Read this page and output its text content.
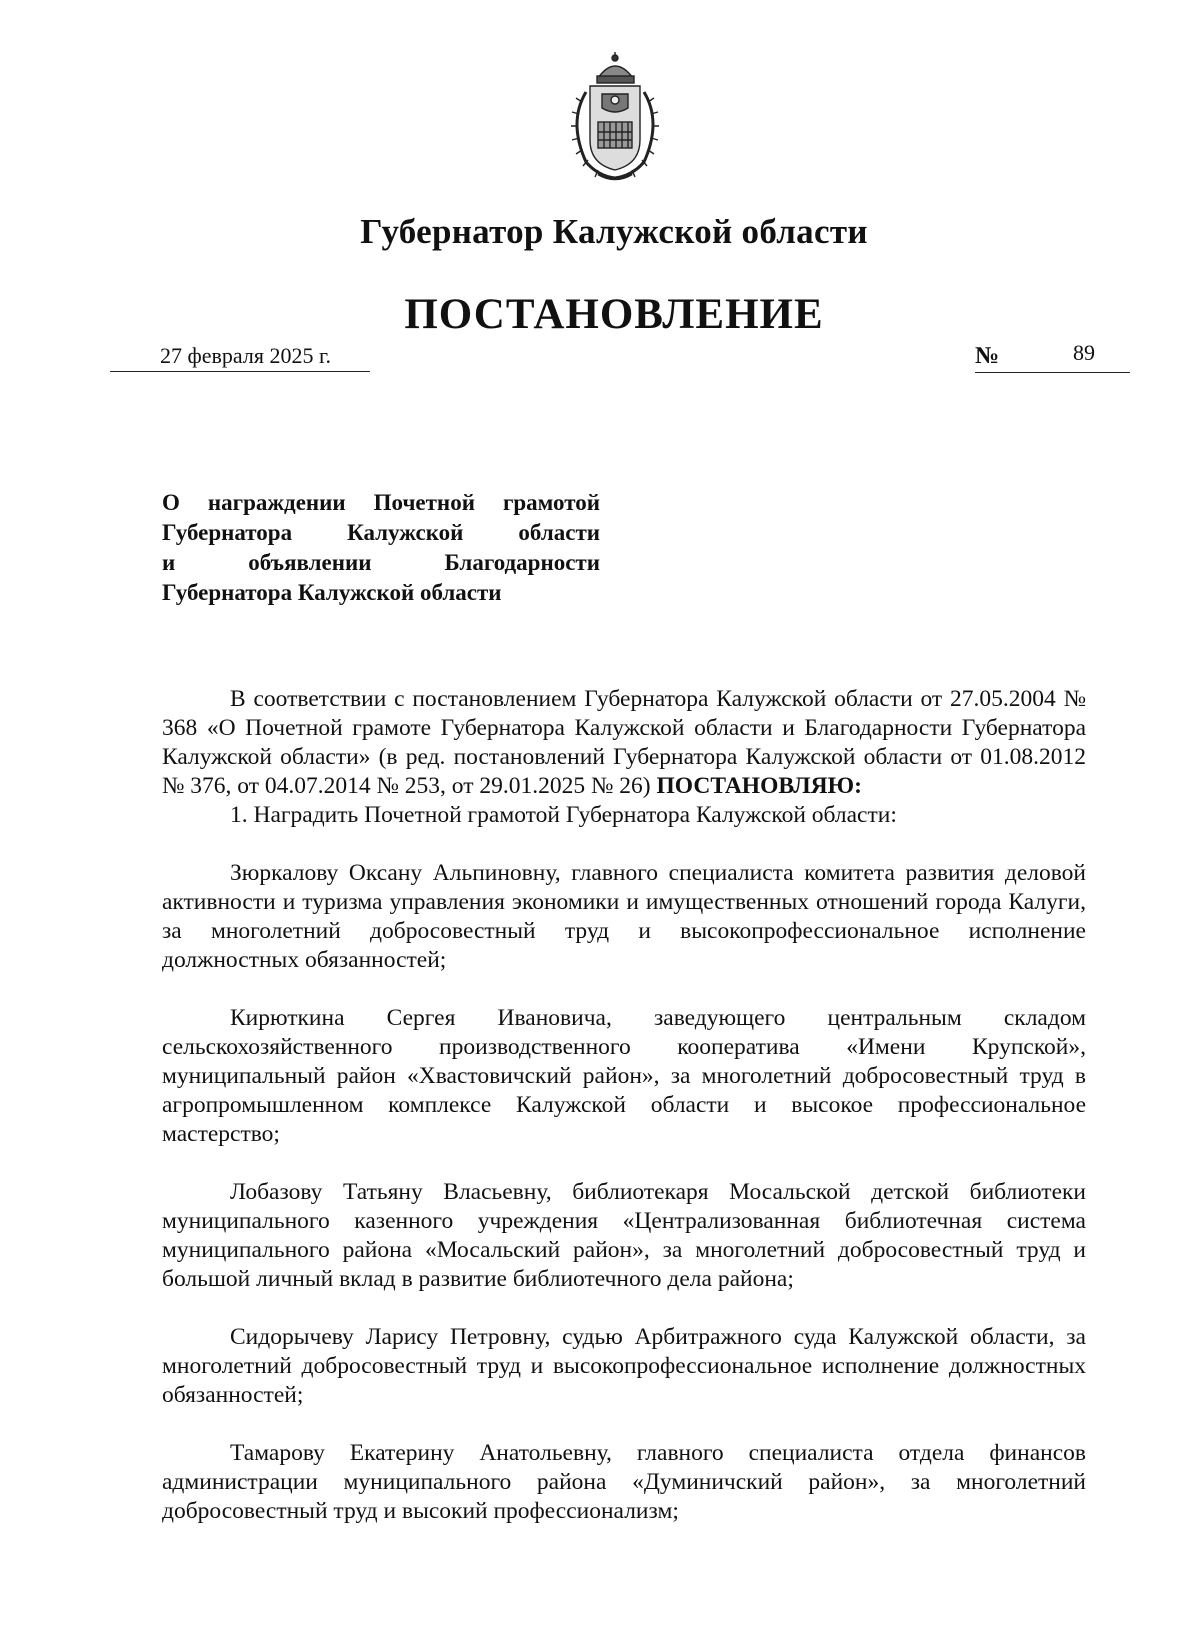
Губернатор Калужской области
ПОСТАНОВЛЕНИЕ
27 февраля 2025 г.	№	89
О награждении Почетной грамотой
Губернатора Калужской области
и объявлении Благодарности
Губернатора Калужской области

В соответствии с постановлением Губернатора Калужской области от 27.05.2004 № 368 «О Почетной грамоте Губернатора Калужской области и Благодарности Губернатора Калужской области» (в ред. постановлений Губернатора Калужской области от 01.08.2012 № 376, от 04.07.2014 № 253, от 29.01.2025 № 26) ПОСТАНОВЛЯЮ:

1. Наградить Почетной грамотой Губернатора Калужской области:

Зюркалову Оксану Альпиновну, главного специалиста комитета развития деловой активности и туризма управления экономики и имущественных отношений города Калуги, за многолетний добросовестный труд и высокопрофессиональное исполнение должностных обязанностей;

Кирюткина Сергея Ивановича, заведующего центральным складом сельскохозяйственного производственного кооператива «Имени Крупской», муниципальный район «Хвастовичский район», за многолетний добросовестный труд в агропромышленном комплексе Калужской области и высокое профессиональное мастерство;

Лобазову Татьяну Власьевну, библиотекаря Мосальской детской библиотеки муниципального казенного учреждения «Централизованная библиотечная система муниципального района «Мосальский район», за многолетний добросовестный труд и большой личный вклад в развитие библиотечного дела района;

Сидорычеву Ларису Петровну, судью Арбитражного суда Калужской области, за многолетний добросовестный труд и высокопрофессиональное исполнение должностных обязанностей;

Тамарову Екатерину Анатольевну, главного специалиста отдела финансов администрации муниципального района «Думиничский район», за многолетний добросовестный труд и высокий профессионализм;
